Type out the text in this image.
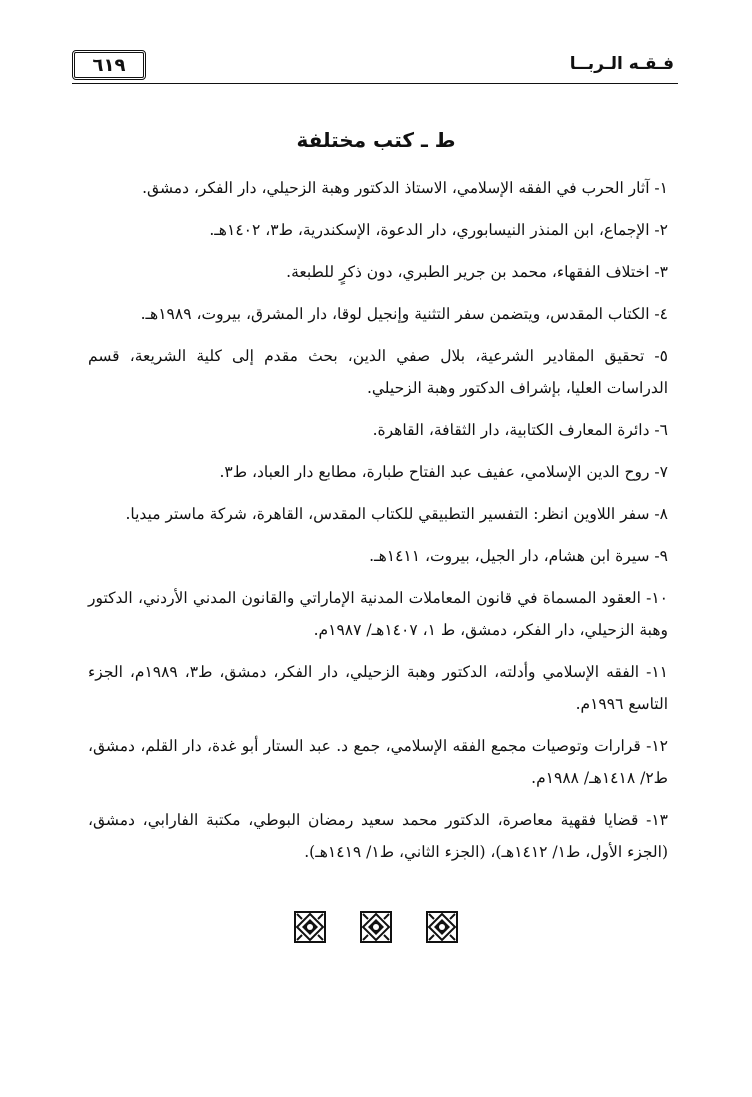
فـقـه الـربــا
٦١٩
ط ـ كتب مختلفة
١- آثار الحرب في الفقه الإسلامي، الاستاذ الدكتور وهبة الزحيلي، دار الفكر، دمشق.
٢- الإجماع، ابن المنذر النيسابوري، دار الدعوة، الإسكندرية، ط٣، ١٤٠٢هـ.
٣- اختلاف الفقهاء، محمد بن جرير الطبري، دون ذكرٍ للطبعة.
٤- الكتاب المقدس، ويتضمن سفر التثنية وإنجيل لوقا، دار المشرق، بيروت، ١٩٨٩هـ.
٥- تحقيق المقادير الشرعية، بلال صفي الدين، بحث مقدم إلى كلية الشريعة، قسم الدراسات العليا، بإشراف الدكتور وهبة الزحيلي.
٦- دائرة المعارف الكتابية، دار الثقافة، القاهرة.
٧- روح الدين الإسلامي، عفيف عبد الفتاح طبارة، مطابع دار العباد، ط٣.
٨- سفر اللاوين انظر: التفسير التطبيقي للكتاب المقدس، القاهرة، شركة ماستر ميديا.
٩- سيرة ابن هشام، دار الجيل، بيروت، ١٤١١هـ.
١٠- العقود المسماة في قانون المعاملات المدنية الإماراتي والقانون المدني الأردني، الدكتور وهبة الزحيلي، دار الفكر، دمشق، ط ١، ١٤٠٧هـ/ ١٩٨٧م.
١١- الفقه الإسلامي وأدلته، الدكتور وهبة الزحيلي، دار الفكر، دمشق، ط٣، ١٩٨٩م، الجزء التاسع ١٩٩٦م.
١٢- قرارات وتوصيات مجمع الفقه الإسلامي، جمع د. عبد الستار أبو غدة، دار القلم، دمشق، ط٢/ ١٤١٨هـ/ ١٩٨٨م.
١٣- قضايا فقهية معاصرة، الدكتور محمد سعيد رمضان البوطي، مكتبة الفارابي، دمشق، (الجزء الأول، ط١/ ١٤١٢هـ)، (الجزء الثاني، ط١/ ١٤١٩هـ).
